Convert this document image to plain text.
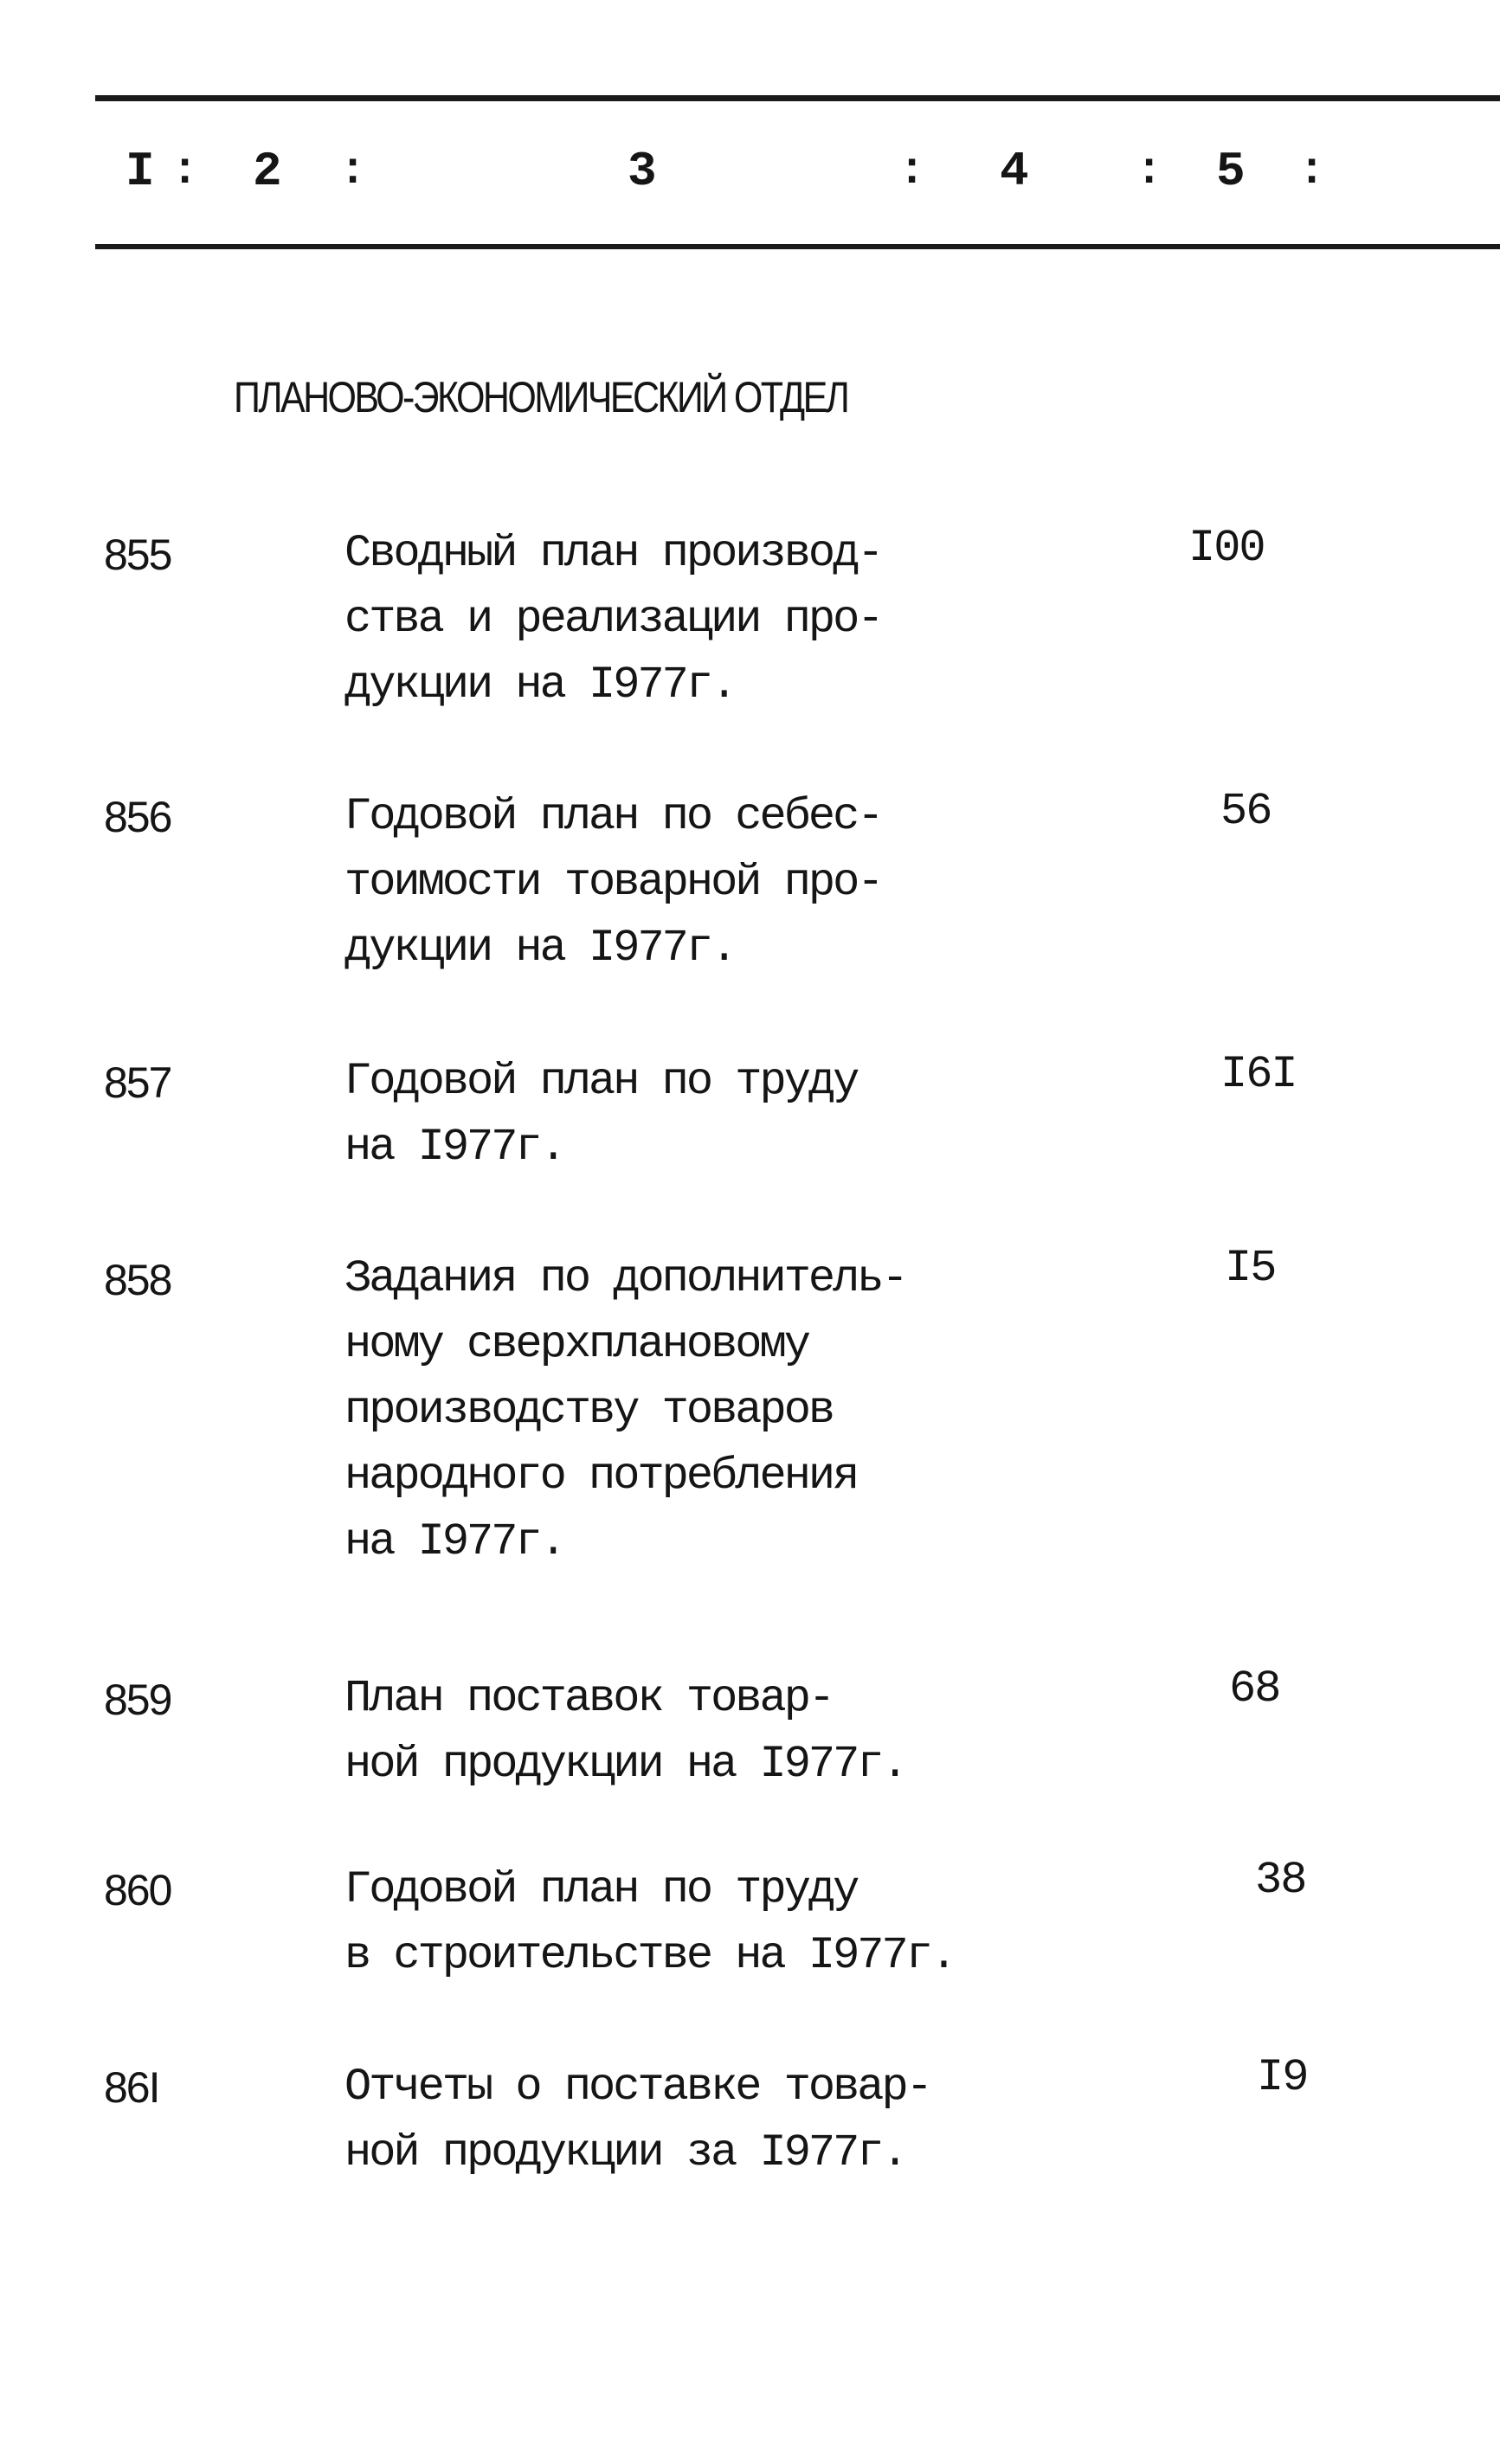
I : 2 :	3	: 4 : 5 :
ПЛАНОВО-ЭКОНОМИЧЕСКИЙ ОТДЕЛ
855	Сводный план производ-
ства и реализации про-
дукции на I977г.
I00
856	Годовой план по себес-
тоимости товарной про-
дукции на I977г.
56
857	Годовой план по труду
на I977г.
I6I
858	Задания по дополнитель-
ному сверхплановому
производству товаров
народного потребления
на I977г.
I5
859	План поставок товар-
ной продукции на I977г.
68
860	Годовой план по труду
в строительстве на I977г.
38
86I	Отчеты о поставке товар-
ной продукции за I977г.
I9
